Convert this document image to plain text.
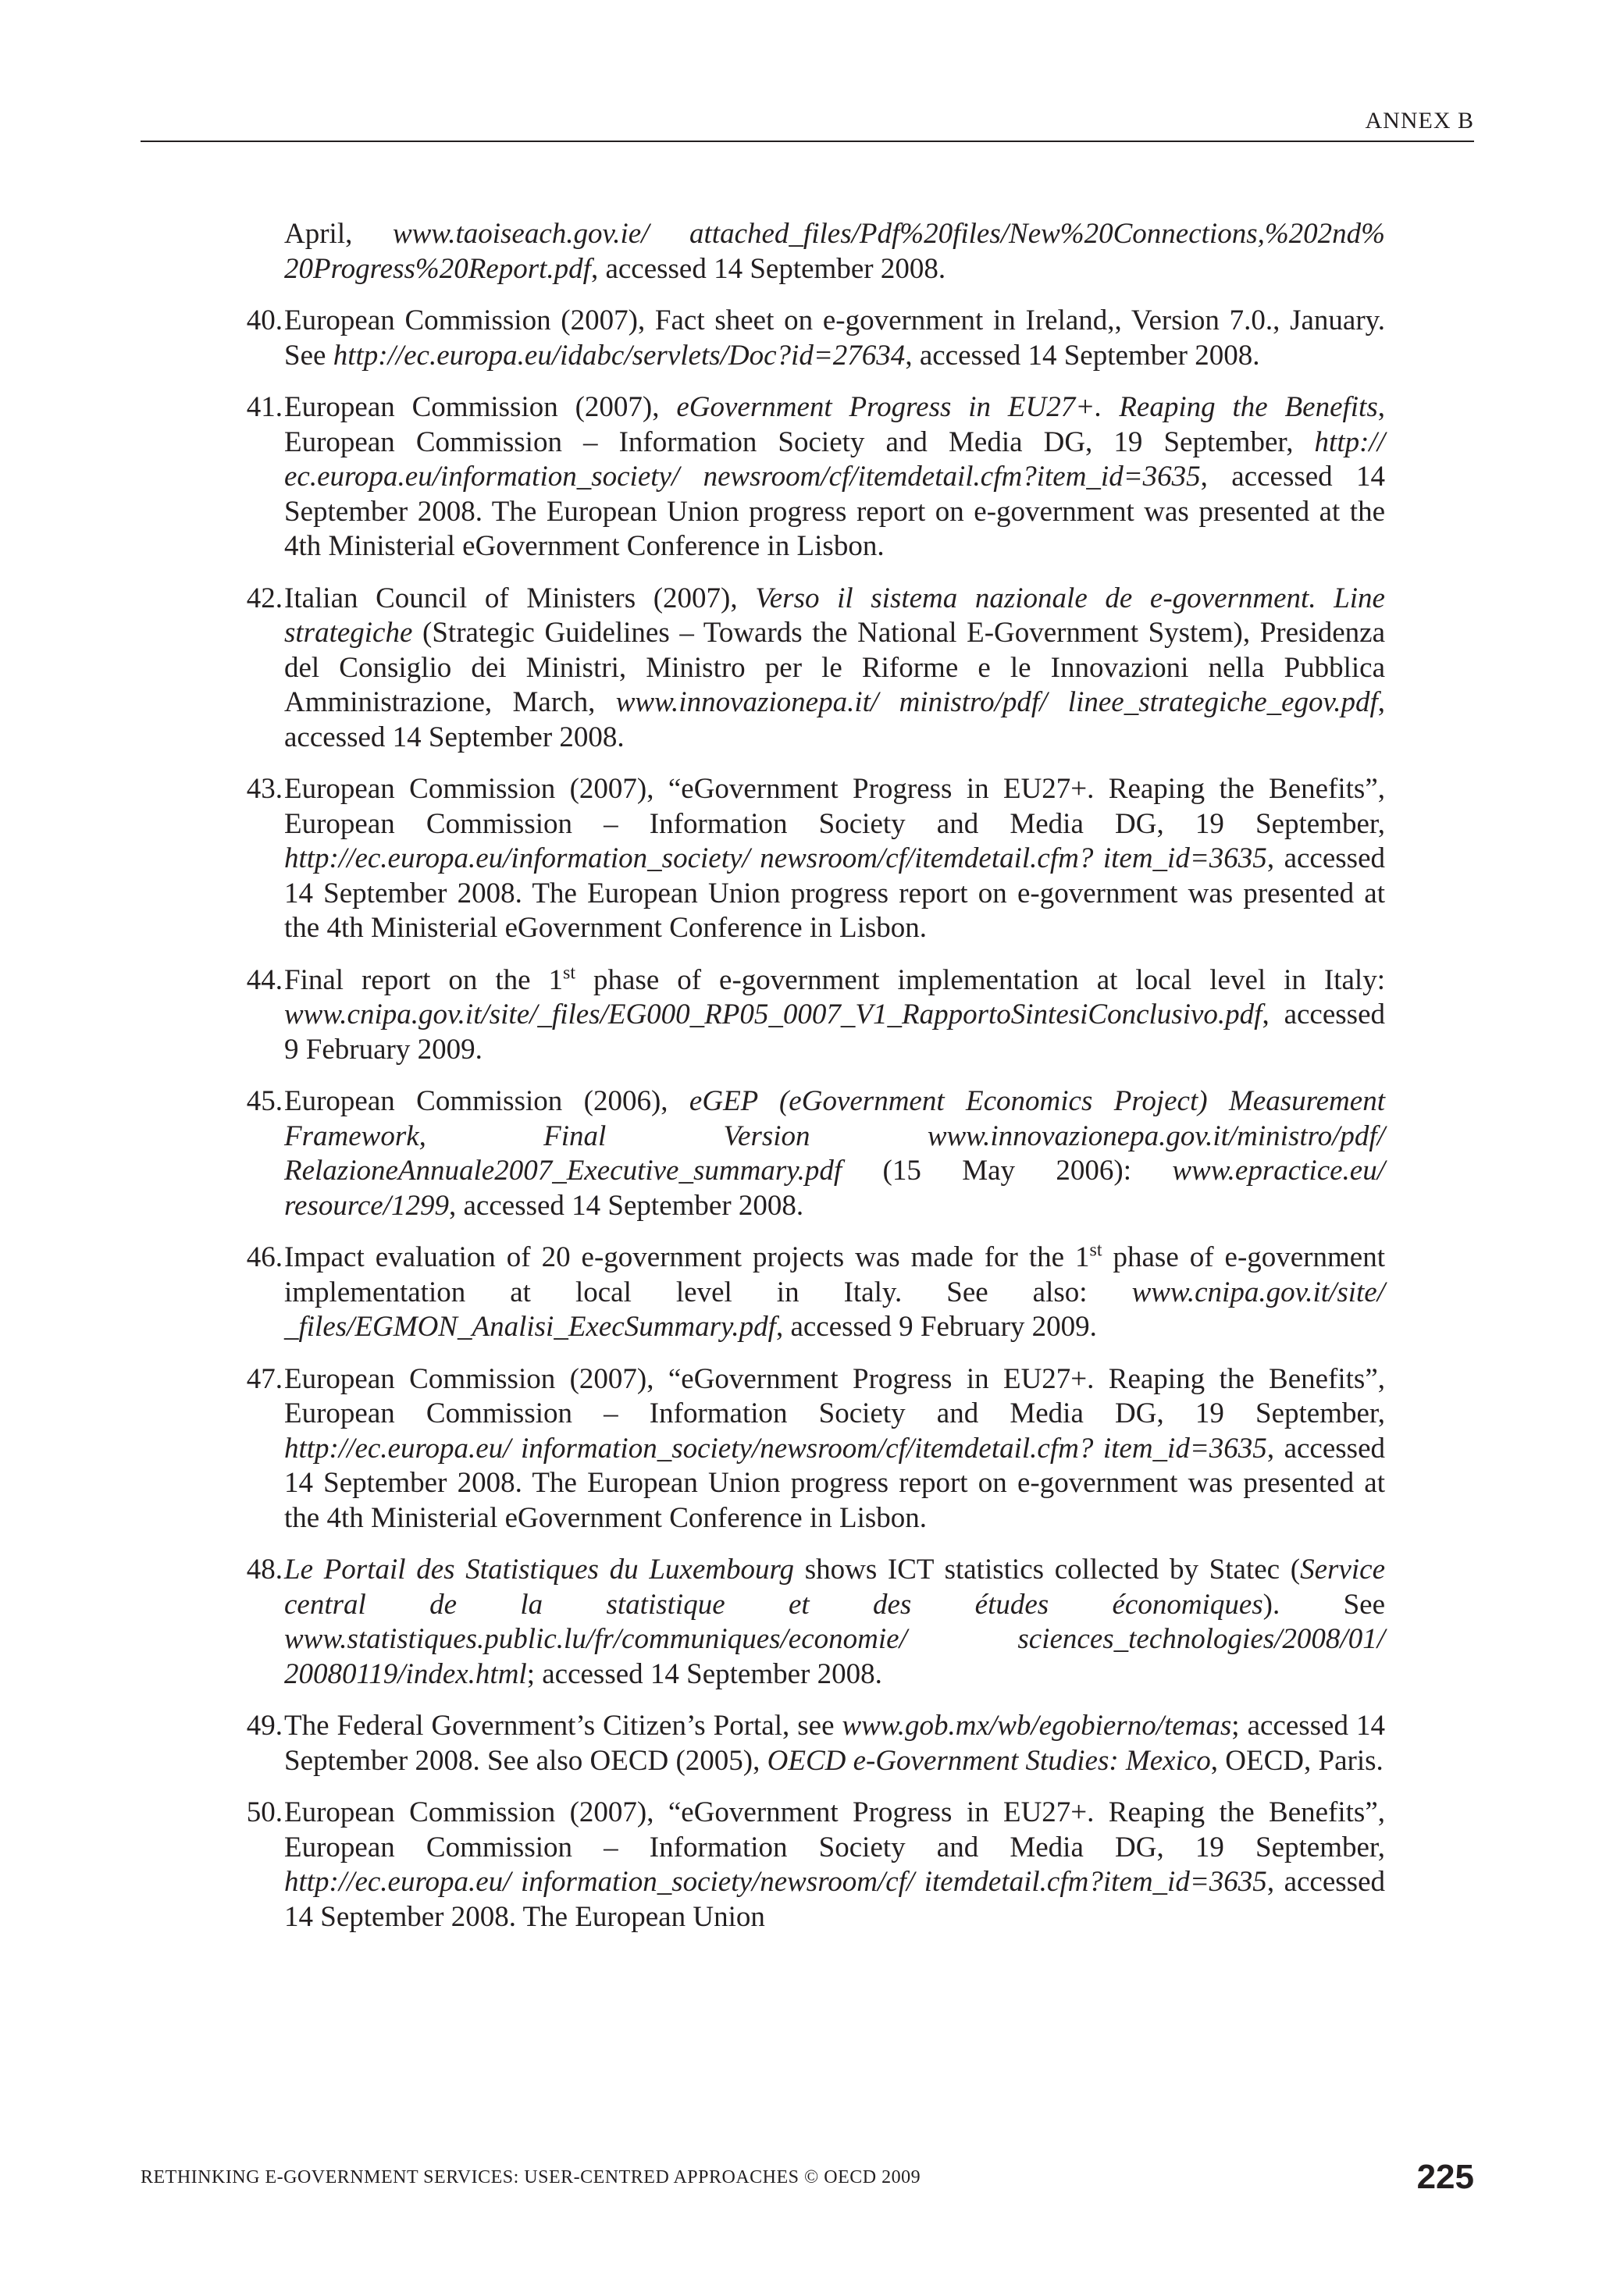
ANNEX B
April, www.taoiseach.gov.ie/ attached_files/Pdf%20files/New%20Connections,%202nd% 20Progress%20Report.pdf, accessed 14 September 2008.
40. European Commission (2007), Fact sheet on e-government in Ireland,, Version 7.0., January. See http://ec.europa.eu/idabc/servlets/Doc?id=27634, accessed 14 September 2008.
41. European Commission (2007), eGovernment Progress in EU27+. Reaping the Benefits, European Commission – Information Society and Media DG, 19 September, http:// ec.europa.eu/information_society/ newsroom/cf/itemdetail.cfm?item_id=3635, accessed 14 September 2008. The European Union progress report on e-government was presented at the 4th Ministerial eGovernment Conference in Lisbon.
42. Italian Council of Ministers (2007), Verso il sistema nazionale de e-government. Line strategiche (Strategic Guidelines – Towards the National E-Government System), Presidenza del Consiglio dei Ministri, Ministro per le Riforme e le Innovazioni nella Pubblica Amministrazione, March, www.innovazionepa.it/ ministro/pdf/ linee_strategiche_egov.pdf, accessed 14 September 2008.
43. European Commission (2007), “eGovernment Progress in EU27+. Reaping the Benefits”, European Commission – Information Society and Media DG, 19 September, http://ec.europa.eu/information_society/ newsroom/cf/itemdetail.cfm? item_id=3635, accessed 14 September 2008. The European Union progress report on e-government was presented at the 4th Ministerial eGovernment Conference in Lisbon.
44. Final report on the 1st phase of e-government implementation at local level in Italy: www.cnipa.gov.it/site/_files/EG000_RP05_0007_V1_RapportoSintesiConclusivo.pdf, accessed 9 February 2009.
45. European Commission (2006), eGEP (eGovernment Economics Project) Measurement Framework, Final Version	www.innovazionepa.gov.it/ministro/pdf/ RelazioneAnnuale2007_Executive_summary.pdf (15 May 2006): www.epractice.eu/ resource/1299, accessed 14 September 2008.
46. Impact evaluation of 20 e-government projects was made for the 1st phase of e-government implementation at local level in Italy. See also: www.cnipa.gov.it/site/ _files/EGMON_Analisi_ExecSummary.pdf, accessed 9 February 2009.
47. European Commission (2007), “eGovernment Progress in EU27+. Reaping the Benefits”, European Commission – Information Society and Media DG, 19 September, http://ec.europa.eu/ information_society/newsroom/cf/itemdetail.cfm? item_id=3635, accessed 14 September 2008. The European Union progress report on e-government was presented at the 4th Ministerial eGovernment Conference in Lisbon.
48. Le Portail des Statistiques du Luxembourg shows ICT statistics collected by Statec (Service central de la statistique et des études économiques). See www.statistiques.public.lu/fr/communiques/economie/ sciences_technologies/2008/01/ 20080119/index.html; accessed 14 September 2008.
49. The Federal Government’s Citizen’s Portal, see www.gob.mx/wb/egobierno/temas; accessed 14 September 2008. See also OECD (2005), OECD e-Government Studies: Mexico, OECD, Paris.
50. European Commission (2007), “eGovernment Progress in EU27+. Reaping the Benefits”, European Commission – Information Society and Media DG, 19 September, http://ec.europa.eu/ information_society/newsroom/cf/ itemdetail.cfm?item_id=3635, accessed 14 September 2008. The European Union
RETHINKING E-GOVERNMENT SERVICES: USER-CENTRED APPROACHES © OECD 2009	225
